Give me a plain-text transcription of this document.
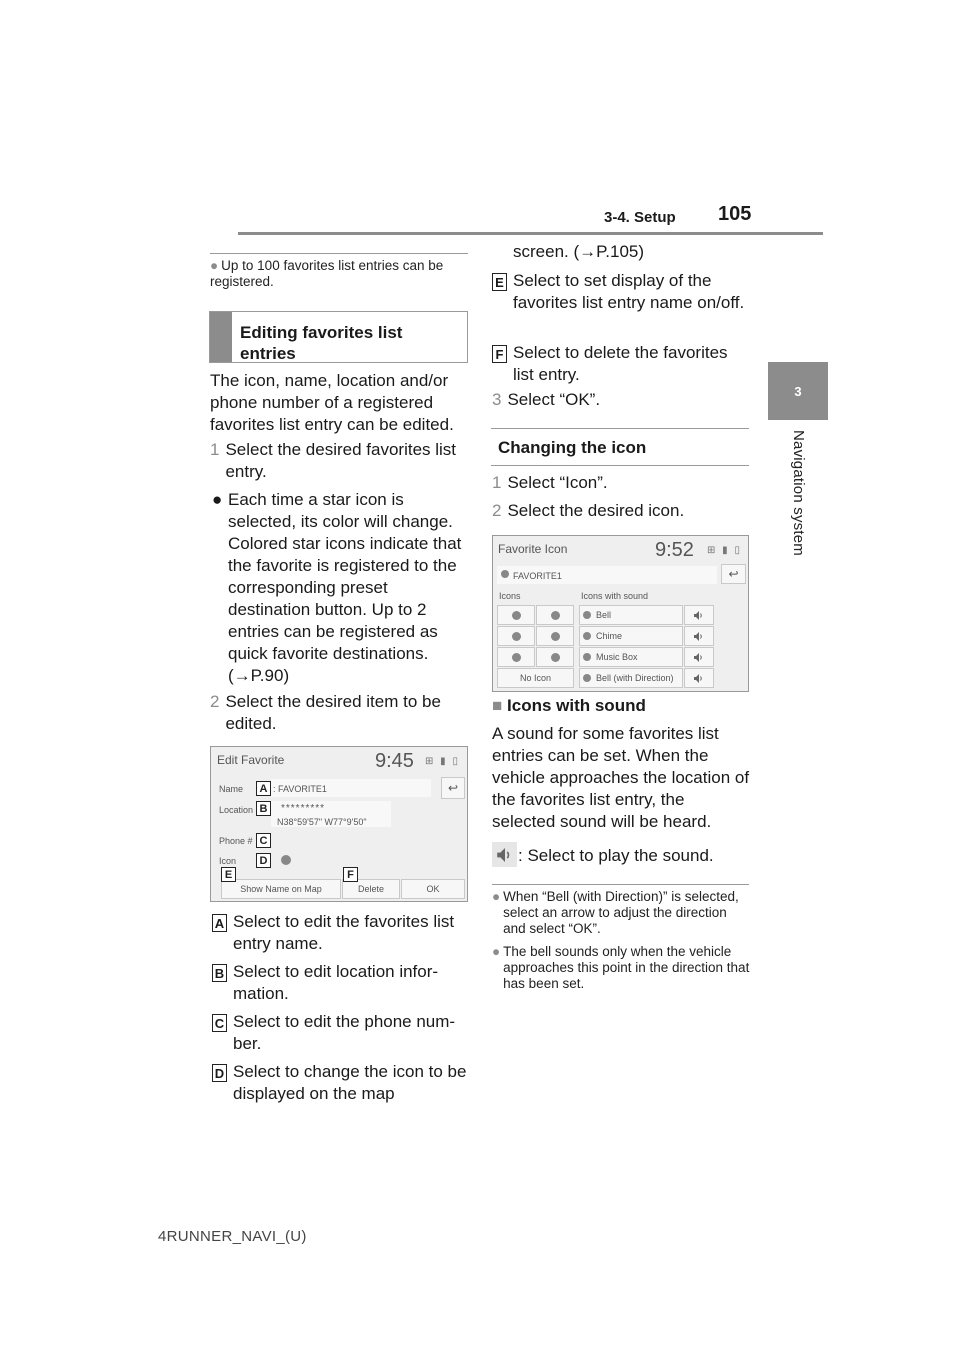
3-4. Setup 105
3
Navigation system
● Up to 100 favorites list entries can be registered.
Editing favorites list entries
The icon, name, location and/or phone number of a registered favorites list entry can be edited.
1 Select the desired favorites list entry.
● Each time a star icon is selected, its color will change. Colored star icons indicate that the favorite is registered to the corresponding preset destination button. Up to 2 entries can be registered as quick favorite destinations. (→P.90)
2 Select the desired item to be edited.
Edit Favorite	9:45 ⊞ ▮ ▯
Name	: FAVORITE1	↩
Location	*********
N38°59'57" W77°9'50"
Phone #
Icon
Show Name on Map	Delete	OK
A
B
C
D
E	F
A Select to edit the favorites list entry name.
B Select to edit location infor-mation.
C Select to edit the phone num-ber.
D Select to change the icon to be displayed on the map
screen. (→P.105)
E Select to set display of the favorites list entry name on/off.
F Select to delete the favorites list entry.
3 Select “OK”.
Changing the icon
1 Select “Icon”.
2 Select the desired icon.
Favorite Icon	9:52 ⊞ ▮ ▯
FAVORITE1	↩
Icons	Icons with sound
No Icon
Bell
Chime
Music Box
Bell (with Direction)
■ Icons with sound
A sound for some favorites list entries can be set. When the vehicle approaches the location of the favorites list entry, the selected sound will be heard.
: Select to play the sound.
● When “Bell (with Direction)” is selected, select an arrow to adjust the direction and select “OK”.
● The bell sounds only when the vehicle approaches this point in the direction that has been set.
4RUNNER_NAVI_(U)
